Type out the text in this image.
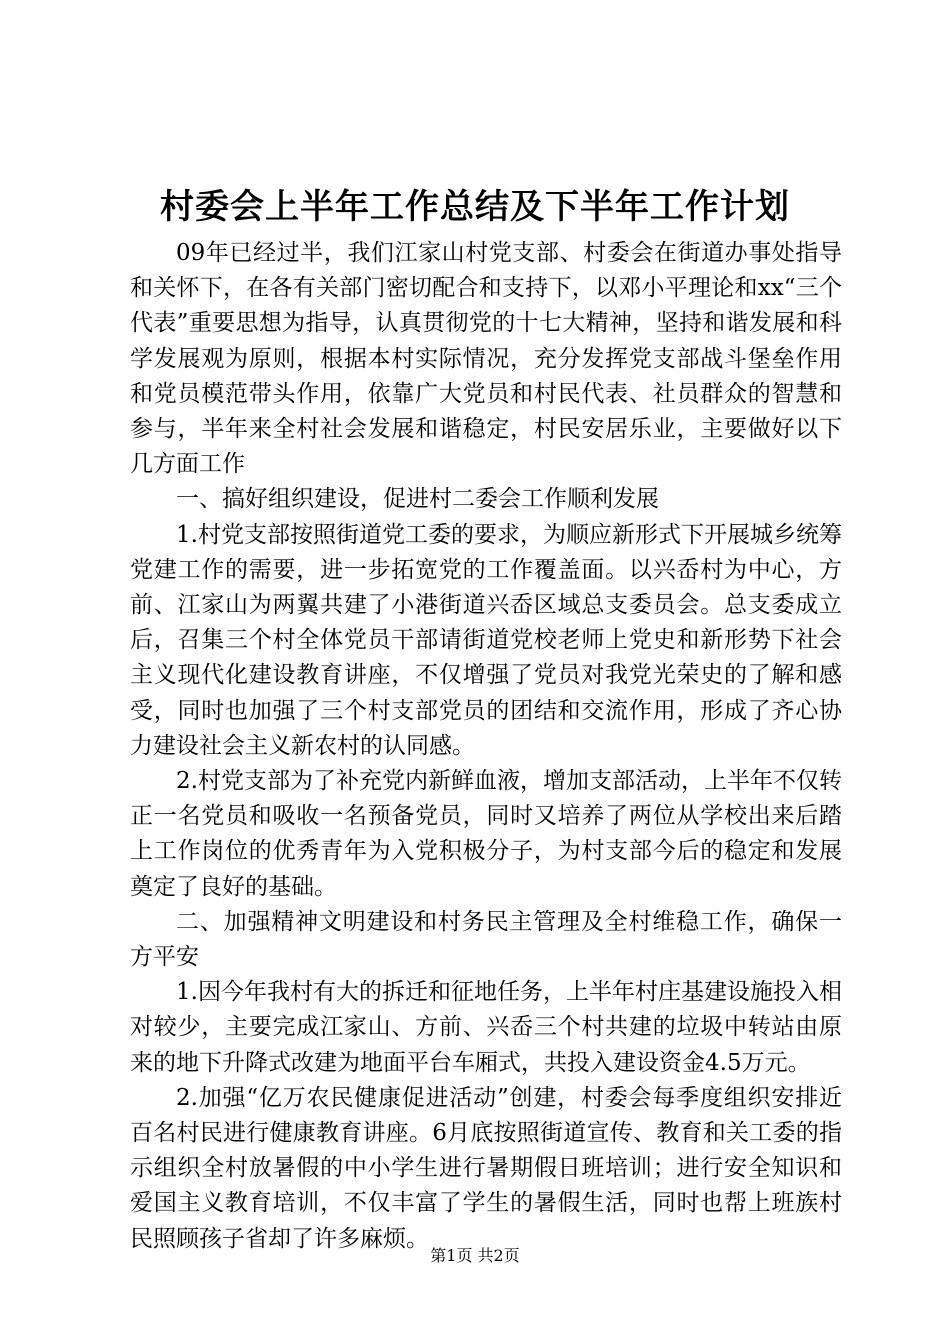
村委会上半年工作总结及下半年工作计划

09年已经过半，我们江家山村党支部、村委会在街道办事处指导和关怀下，在各有关部门密切配合和支持下，以邓小平理论和xx“三个代表”重要思想为指导，认真贯彻党的十七大精神，坚持和谐发展和科学发展观为原则，根据本村实际情况，充分发挥党支部战斗堡垒作用和党员模范带头作用，依靠广大党员和村民代表、社员群众的智慧和参与，半年来全村社会发展和谐稳定，村民安居乐业，主要做好以下几方面工作

一、搞好组织建设，促进村二委会工作顺利发展

1.村党支部按照街道党工委的要求，为顺应新形式下开展城乡统筹党建工作的需要，进一步拓宽党的工作覆盖面。以兴岙村为中心，方前、江家山为两翼共建了小港街道兴岙区域总支委员会。总支委成立后，召集三个村全体党员干部请街道党校老师上党史和新形势下社会主义现代化建设教育讲座，不仅增强了党员对我党光荣史的了解和感受，同时也加强了三个村支部党员的团结和交流作用，形成了齐心协力建设社会主义新农村的认同感。

2.村党支部为了补充党内新鲜血液，增加支部活动，上半年不仅转正一名党员和吸收一名预备党员，同时又培养了两位从学校出来后踏上工作岗位的优秀青年为入党积极分子，为村支部今后的稳定和发展奠定了良好的基础。

二、加强精神文明建设和村务民主管理及全村维稳工作，确保一方平安

1.因今年我村有大的拆迁和征地任务，上半年村庄基建设施投入相对较少，主要完成江家山、方前、兴岙三个村共建的垃圾中转站由原来的地下升降式改建为地面平台车厢式，共投入建设资金4.5万元。

2.加强“亿万农民健康促进活动”创建，村委会每季度组织安排近百名村民进行健康教育讲座。6月底按照街道宣传、教育和关工委的指示组织全村放暑假的中小学生进行暑期假日班培训；进行安全知识和爱国主义教育培训，不仅丰富了学生的暑假生活，同时也帮上班族村民照顾孩子省却了许多麻烦。

第1页 共2页
